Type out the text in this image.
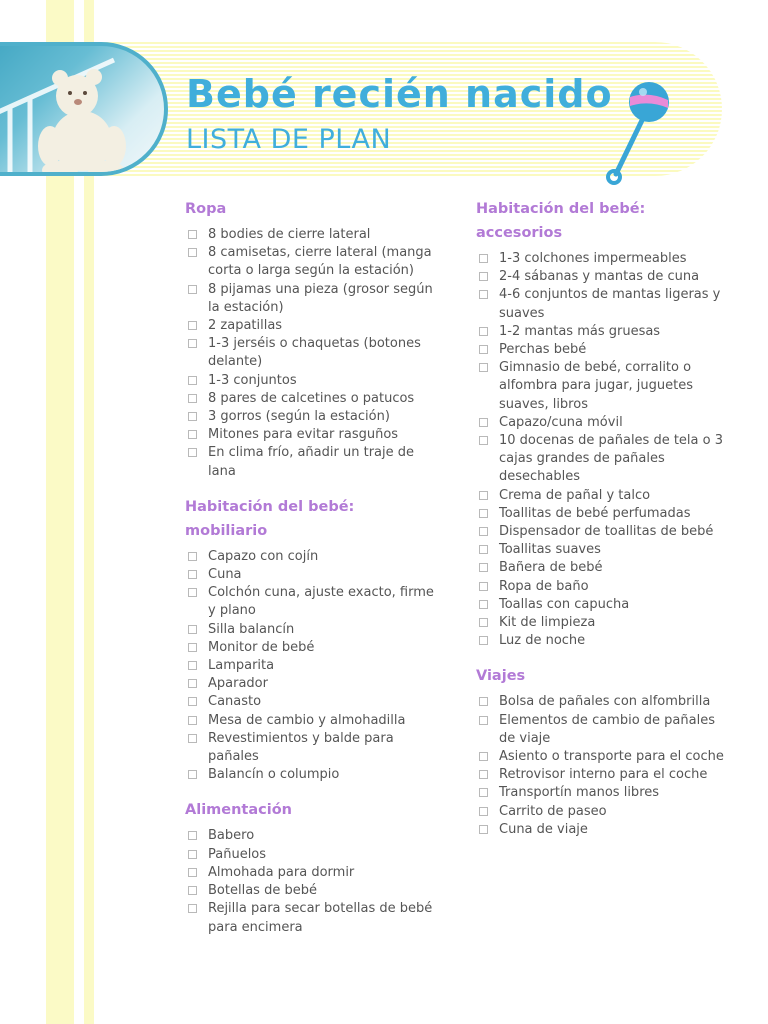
Bebé recién nacido
LISTA DE PLAN
Ropa
8 bodies de cierre lateral
8 camisetas, cierre lateral (manga corta o larga según la estación)
8 pijamas una pieza (grosor según la estación)
2 zapatillas
1-3 jerséis o chaquetas (botones delante)
1-3 conjuntos
8 pares de calcetines o patucos
3 gorros (según la estación)
Mitones para evitar rasguños
En clima frío, añadir un traje de lana
Habitación del bebé: mobiliario
Capazo con cojín
Cuna
Colchón cuna, ajuste exacto, firme y plano
Silla balancín
Monitor de bebé
Lamparita
Aparador
Canasto
Mesa de cambio y almohadilla
Revestimientos y balde para pañales
Balancín o columpio
Alimentación
Babero
Pañuelos
Almohada para dormir
Botellas de bebé
Rejilla para secar botellas de bebé para encimera
Habitación del bebé: accesorios
1-3 colchones impermeables
2-4 sábanas y mantas de cuna
4-6 conjuntos de mantas ligeras y suaves
1-2 mantas más gruesas
Perchas bebé
Gimnasio de bebé, corralito o alfombra para jugar, juguetes suaves, libros
Capazo/cuna móvil
10 docenas de pañales de tela o 3 cajas grandes de pañales desechables
Crema de pañal y talco
Toallitas de bebé perfumadas
Dispensador de toallitas de bebé
Toallitas suaves
Bañera de bebé
Ropa de baño
Toallas con capucha
Kit de limpieza
Luz de noche
Viajes
Bolsa de pañales con alfombrilla
Elementos de cambio de pañales de viaje
Asiento o transporte para el coche
Retrovisor interno para el coche
Transportín manos libres
Carrito de paseo
Cuna de viaje
